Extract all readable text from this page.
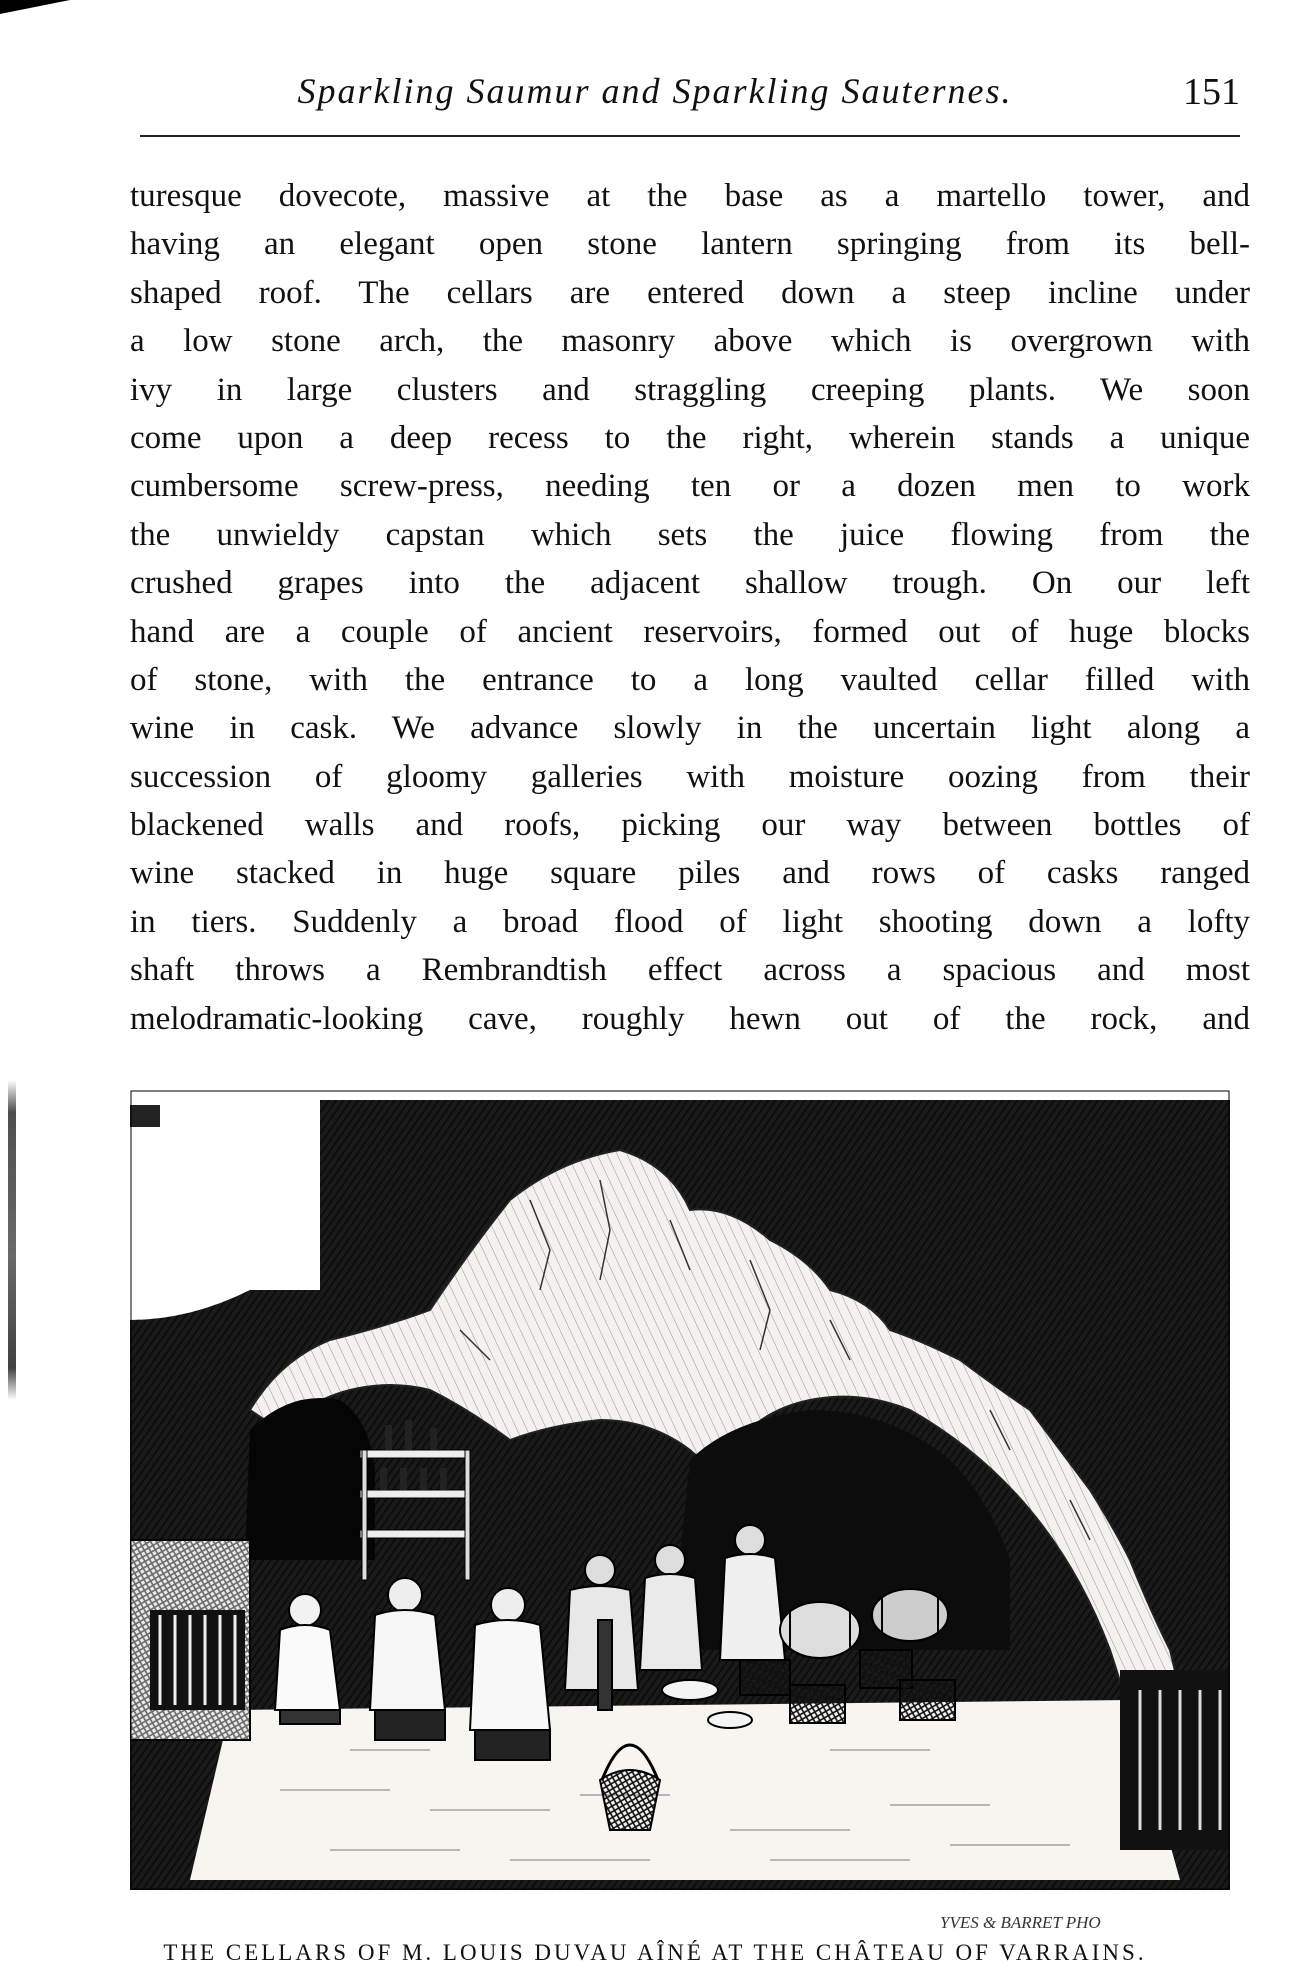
Sparkling Saumur and Sparkling Sauternes.	151
turesque dovecote, massive at the base as a martello tower, and
having an elegant open stone lantern springing from its bell-
shaped roof. The cellars are entered down a steep incline under
a low stone arch, the masonry above which is overgrown with
ivy in large clusters and straggling creeping plants. We soon
come upon a deep recess to the right, wherein stands a unique
cumbersome screw-press, needing ten or a dozen men to work
the unwieldy capstan which sets the juice flowing from the
crushed grapes into the adjacent shallow trough. On our left
hand are a couple of ancient reservoirs, formed out of huge blocks
of stone, with the entrance to a long vaulted cellar filled with
wine in cask. We advance slowly in the uncertain light along a
succession of gloomy galleries with moisture oozing from their
blackened walls and roofs, picking our way between bottles of
wine stacked in huge square piles and rows of casks ranged
in tiers. Suddenly a broad flood of light shooting down a lofty
shaft throws a Rembrandtish effect across a spacious and most
melodramatic-looking cave, roughly hewn out of the rock, and
YVES & BARRET PHO
THE CELLARS OF M. LOUIS DUVAU AÎNÉ AT THE CHÂTEAU OF VARRAINS.
